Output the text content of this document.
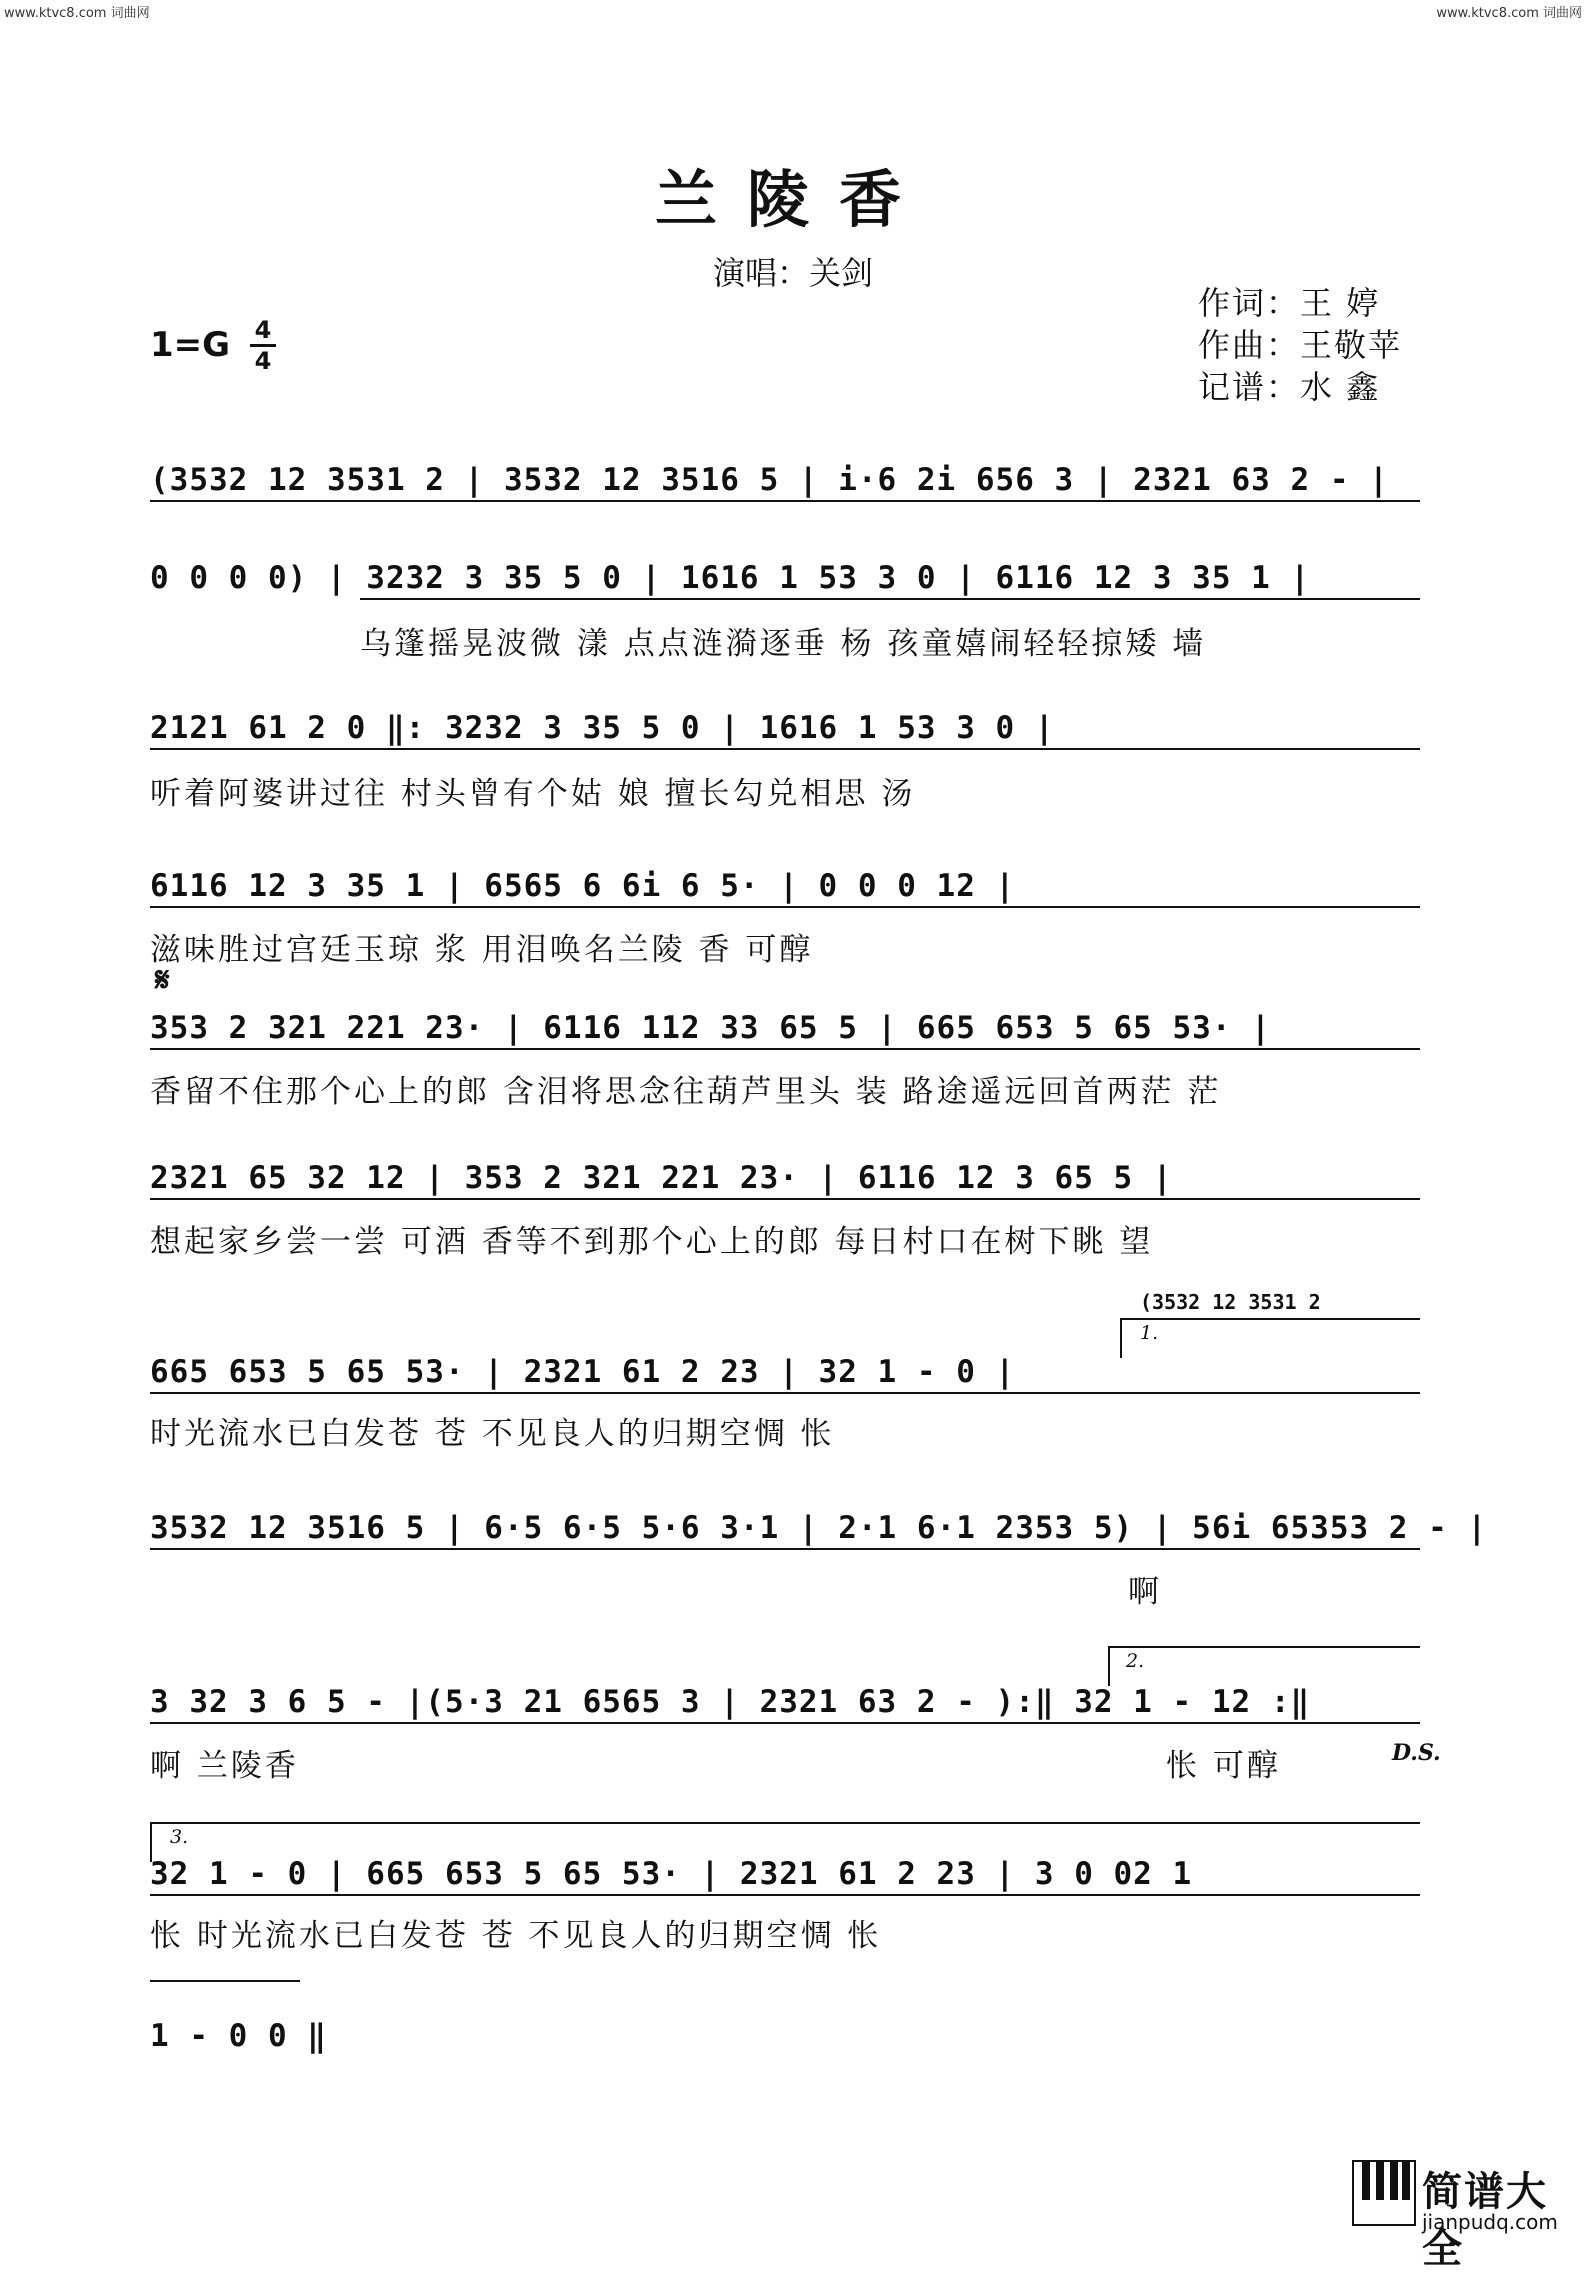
www.ktvc8.com 词曲网	www.ktvc8.com 词曲网
兰陵香
演唱：关剑
作词：王 婷
作曲：王敬苹
记谱：水 鑫
1=G 4
4
(3532 12 3531 2 | 3532 12 3516 5 | i·6 2i 656 3 | 2321 63 2 - |
0 0 0 0) | 3232 3 35 5 0 | 1616 1 53 3 0 | 6116 12 3 35 1 |
乌篷摇晃波微 漾 点点涟漪逐垂 杨 孩童嬉闹轻轻掠矮 墙
2121 61 2 0 ‖: 3232 3 35 5 0 | 1616 1 53 3 0 |
听着阿婆讲过往 村头曾有个姑 娘 擅长勾兑相思 汤
6116 12 3 35 1 | 6565 6 6i 6 5· | 0 0 0 12 |
滋味胜过宫廷玉琼 浆 用泪唤名兰陵 香 可醇
𝄋
353 2 321 221 23· | 6116 112 33 65 5 | 665 653 5 65 53· |
香留不住那个心上的郎 含泪将思念往葫芦里头 装 路途遥远回首两茫 茫
2321 65 32 12 | 353 2 321 221 23· | 6116 12 3 65 5 |
想起家乡尝一尝 可酒 香等不到那个心上的郎 每日村口在树下眺 望
(3532 12 3531 2
1.
665 653 5 65 53· | 2321 61 2 23 | 32 1 - 0 |
时光流水已白发苍 苍 不见良人的归期空惆 怅
3532 12 3516 5 | 6·5 6·5 5·6 3·1 | 2·1 6·1 2353 5) | 56i 65353 2 - |
啊
2.
3 32 3 6 5 - |(5·3 21 6565 3 | 2321 63 2 - ):‖ 32 1 - 12 :‖
啊 兰陵香	怅 可醇	D.S.
3.
32 1 - 0 | 665 653 5 65 53· | 2321 61 2 23 | 3 0 02 1
怅 时光流水已白发苍 苍 不见良人的归期空惆 怅
1 - 0 0 ‖
简谱大全
jianpudq.com
